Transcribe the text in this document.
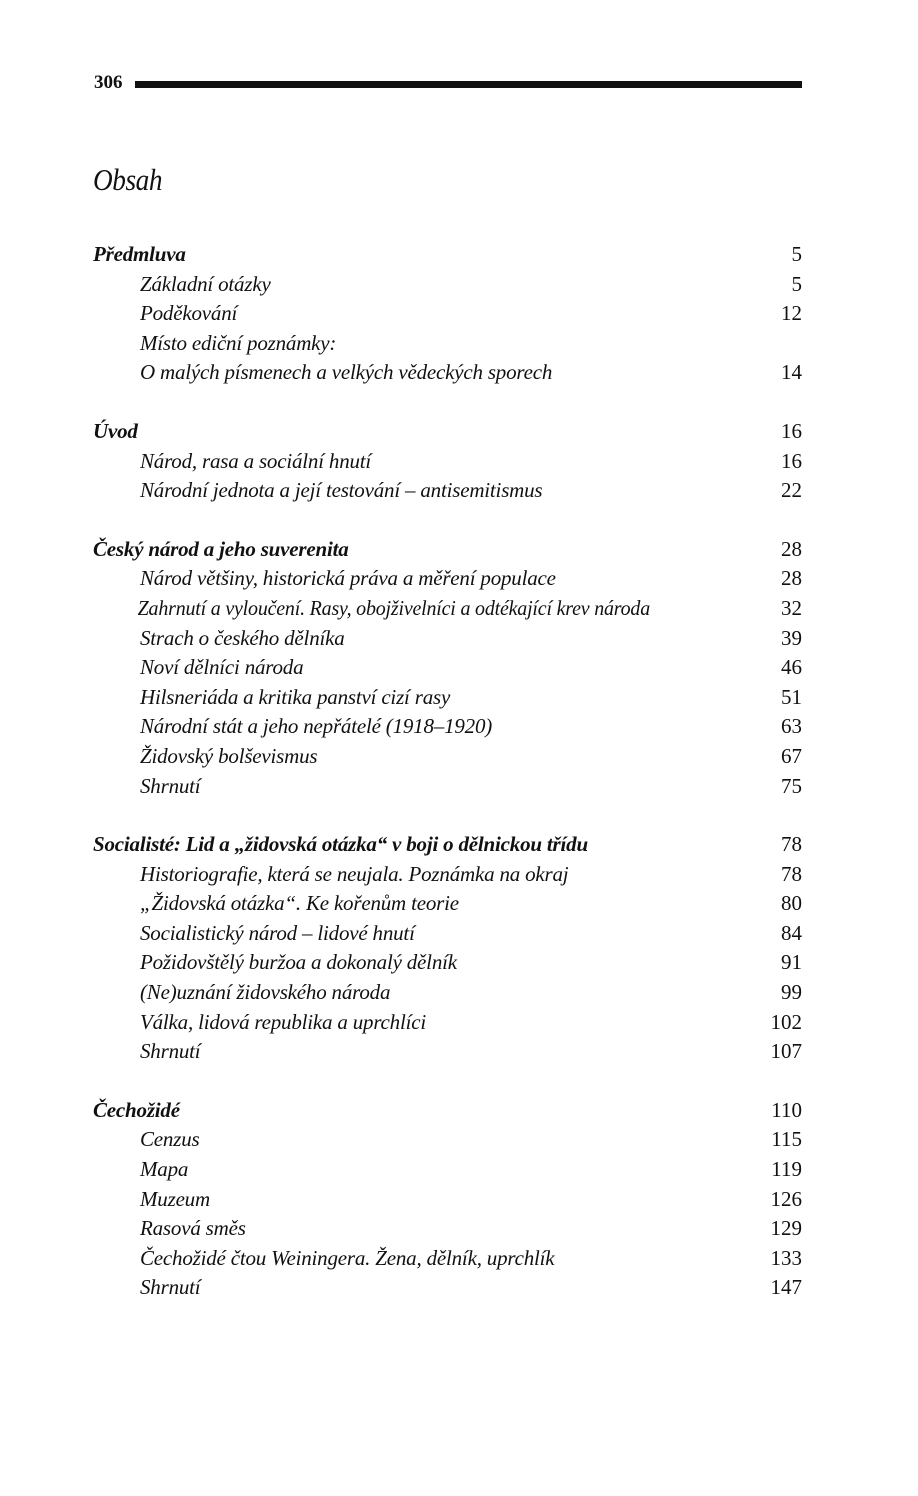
306
Obsah
Předmluva	5
Základní otázky	5
Poděkování	12
Místo ediční poznámky:
O malých písmenech a velkých vědeckých sporech	14
Úvod	16
Národ, rasa a sociální hnutí	16
Národní jednota a její testování – antisemitismus	22
Český národ a jeho suverenita	28
Národ většiny, historická práva a měření populace	28
Zahrnutí a vyloučení. Rasy, obojživelníci a odtékající krev národa	32
Strach o českého dělníka	39
Noví dělníci národa	46
Hilsneriáda a kritika panství cizí rasy	51
Národní stát a jeho nepřátelé (1918–1920)	63
Židovský bolševismus	67
Shrnutí	75
Socialisté: Lid a „židovská otázka“ v boji o dělnickou třídu	78
Historiografie, která se neujala. Poznámka na okraj	78
„Židovská otázka“. Ke kořenům teorie	80
Socialistický národ – lidové hnutí	84
Požidovštělý buržoa a dokonalý dělník	91
(Ne)uznání židovského národa	99
Válka, lidová republika a uprchlíci	102
Shrnutí	107
Čechožidé	110
Cenzus	115
Mapa	119
Muzeum	126
Rasová směs	129
Čechožidé čtou Weiningera. Žena, dělník, uprchlík	133
Shrnutí	147
